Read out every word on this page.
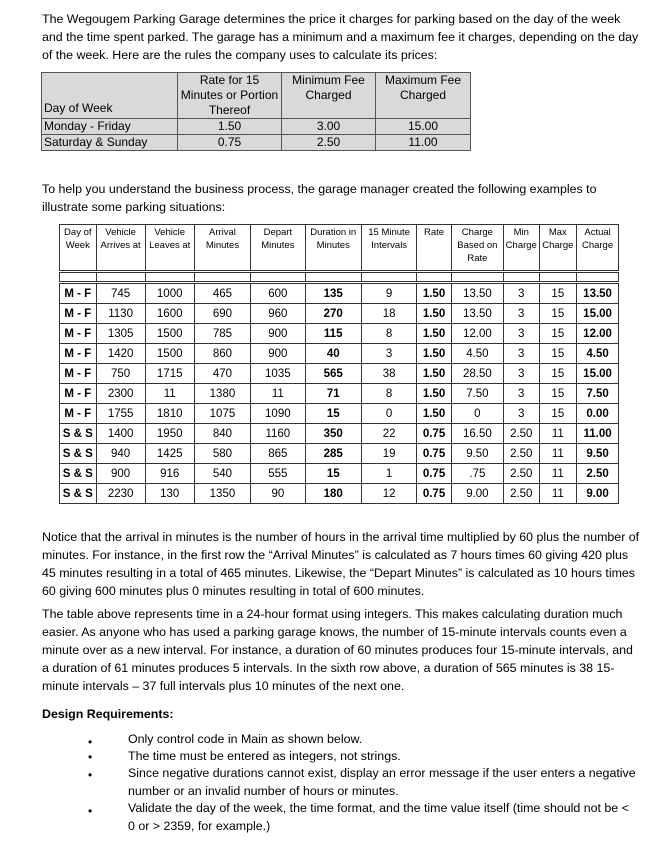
The Wegougem Parking Garage determines the price it charges for parking based on the day of the week and the time spent parked. The garage has a minimum and a maximum fee it charges, depending on the day of the week. Here are the rules the company uses to calculate its prices:

Day of Week	Rate for 15 Minutes or Portion Thereof	Minimum Fee Charged	Maximum Fee Charged
Monday - Friday	1.50	3.00	15.00
Saturday & Sunday	0.75	2.50	11.00

To help you understand the business process, the garage manager created the following examples to illustrate some parking situations:

Day of Week	Vehicle Arrives at	Vehicle Leaves at	Arrival Minutes	Depart Minutes	Duration in Minutes	15 Minute Intervals	Rate	Charge Based on Rate	Min Charge	Max Charge	Actual Charge

M - F	745	1000	465	600	135	9	1.50	13.50	3	15	13.50
M - F	1130	1600	690	960	270	18	1.50	13.50	3	15	15.00
M - F	1305	1500	785	900	115	8	1.50	12.00	3	15	12.00
M - F	1420	1500	860	900	40	3	1.50	4.50	3	15	4.50
M - F	750	1715	470	1035	565	38	1.50	28.50	3	15	15.00
M - F	2300	11	1380	11	71	8	1.50	7.50	3	15	7.50
M - F	1755	1810	1075	1090	15	0	1.50	0	3	15	0.00
S & S	1400	1950	840	1160	350	22	0.75	16.50	2.50	11	11.00
S & S	940	1425	580	865	285	19	0.75	9.50	2.50	11	9.50
S & S	900	916	540	555	15	1	0.75	.75	2.50	11	2.50
S & S	2230	130	1350	90	180	12	0.75	9.00	2.50	11	9.00

Notice that the arrival in minutes is the number of hours in the arrival time multiplied by 60 plus the number of minutes. For instance, in the first row the “Arrival Minutes” is calculated as 7 hours times 60 giving 420 plus 45 minutes resulting in a total of 465 minutes. Likewise, the “Depart Minutes” is calculated as 10 hours times 60 giving 600 minutes plus 0 minutes resulting in total of 600 minutes.

The table above represents time in a 24-hour format using integers. This makes calculating duration much easier. As anyone who has used a parking garage knows, the number of 15-minute intervals counts even a minute over as a new interval. For instance, a duration of 60 minutes produces four 15-minute intervals, and a duration of 61 minutes produces 5 intervals. In the sixth row above, a duration of 565 minutes is 38 15-minute intervals – 37 full intervals plus 10 minutes of the next one.

Design Requirements:
•	Only control code in Main as shown below.
•	The time must be entered as integers, not strings.
•	Since negative durations cannot exist, display an error message if the user enters a negative number or an invalid number of hours or minutes.
•	Validate the day of the week, the time format, and the time value itself (time should not be < 0 or > 2359, for example.)
